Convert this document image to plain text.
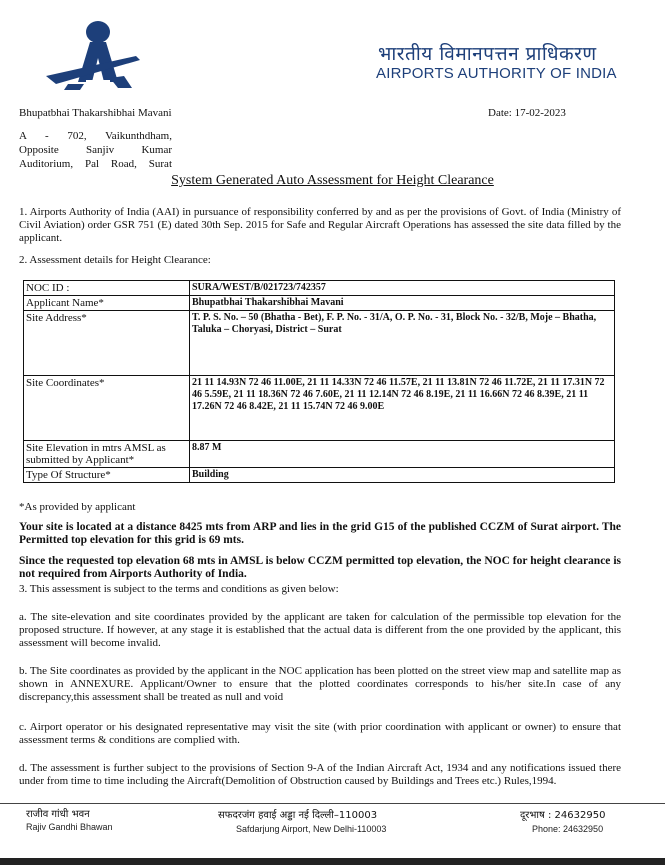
भारतीय विमानपत्तन प्राधिकरण
AIRPORTS AUTHORITY OF INDIA
Bhupatbhai Thakarshibhai Mavani	Date: 17-02-2023
A - 702, Vaikunthdham,
Opposite Sanjiv Kumar
Auditorium, Pal Road, Surat
System Generated Auto Assessment for Height Clearance
1. Airports Authority of India (AAI) in pursuance of responsibility conferred by and as per the provisions of Govt. of India (Ministry of Civil Aviation) order GSR 751 (E) dated 30th Sep. 2015 for Safe and Regular Aircraft Operations has assessed the site data filled by the applicant.
2. Assessment details for Height Clearance:
NOC ID :	SURA/WEST/B/021723/742357
Applicant Name*	Bhupatbhai Thakarshibhai Mavani
Site Address*	T. P. S. No. – 50 (Bhatha - Bet), F. P. No. - 31/A, O. P. No. - 31, Block No. - 32/B, Moje – Bhatha, Taluka – Choryasi, District – Surat
Site Coordinates*	21 11 14.93N 72 46 11.00E, 21 11 14.33N 72 46 11.57E, 21 11 13.81N 72 46 11.72E, 21 11 17.31N 72 46 5.59E, 21 11 18.36N 72 46 7.60E, 21 11 12.14N 72 46 8.19E, 21 11 16.66N 72 46 8.39E, 21 11 17.26N 72 46 8.42E, 21 11 15.74N 72 46 9.00E
Site Elevation in mtrs AMSL as submitted by Applicant*	8.87 M
Type Of Structure*	Building
*As provided by applicant
Your site is located at a distance 8425 mts from ARP and lies in the grid G15 of the published CCZM of Surat airport. The Permitted top elevation for this grid is 69 mts.
Since the requested top elevation 68 mts in AMSL is below CCZM permitted top elevation, the NOC for height clearance is not required from Airports Authority of India.
3. This assessment is subject to the terms and conditions as given below:
a. The site-elevation and site coordinates provided by the applicant are taken for calculation of the permissible top elevation for the proposed structure. If however, at any stage it is established that the actual data is different from the one provided by the applicant, this assessment will become invalid.
b. The Site coordinates as provided by the applicant in the NOC application has been plotted on the street view map and satellite map as shown in ANNEXURE. Applicant/Owner to ensure that the plotted coordinates corresponds to his/her site.In case of any discrepancy,this assessment shall be treated as null and void
c. Airport operator or his designated representative may visit the site (with prior coordination with applicant or owner) to ensure that assessment terms & conditions are complied with.
d. The assessment is further subject to the provisions of Section 9-A of the Indian Aircraft Act, 1934 and any notifications issued there under from time to time including the Aircraft(Demolition of Obstruction caused by Buildings and Trees etc.) Rules,1994.
राजीव गांधी भवन
Rajiv Gandhi Bhawan
सफदरजंग हवाई अड्डा नई दिल्ली–110003
Safdarjung Airport, New Delhi-110003
दूरभाष : 24632950
Phone: 24632950
